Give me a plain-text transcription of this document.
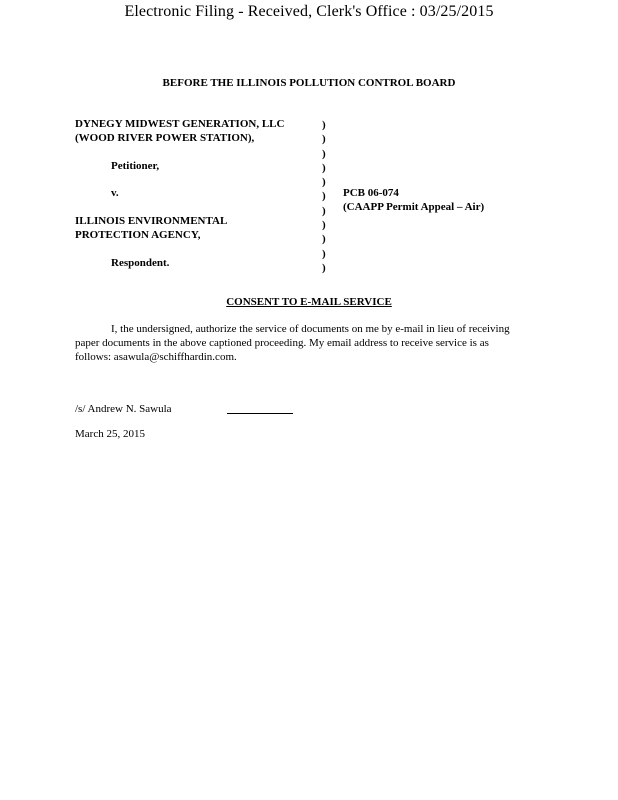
Electronic Filing - Received, Clerk's Office : 03/25/2015
BEFORE THE ILLINOIS POLLUTION CONTROL BOARD
DYNEGY MIDWEST GENERATION, LLC
(WOOD RIVER POWER STATION),
Petitioner,
v.
ILLINOIS ENVIRONMENTAL
PROTECTION AGENCY,
Respondent.
)
)
)
)
)
)
)
)
)
)
)
PCB 06-074
(CAAPP Permit Appeal – Air)
CONSENT TO E-MAIL SERVICE
I, the undersigned, authorize the service of documents on me by e-mail in lieu of receiving paper documents in the above captioned proceeding. My email address to receive service is as follows: asawula@schiffhardin.com.
/s/ Andrew N. Sawula
March 25, 2015
